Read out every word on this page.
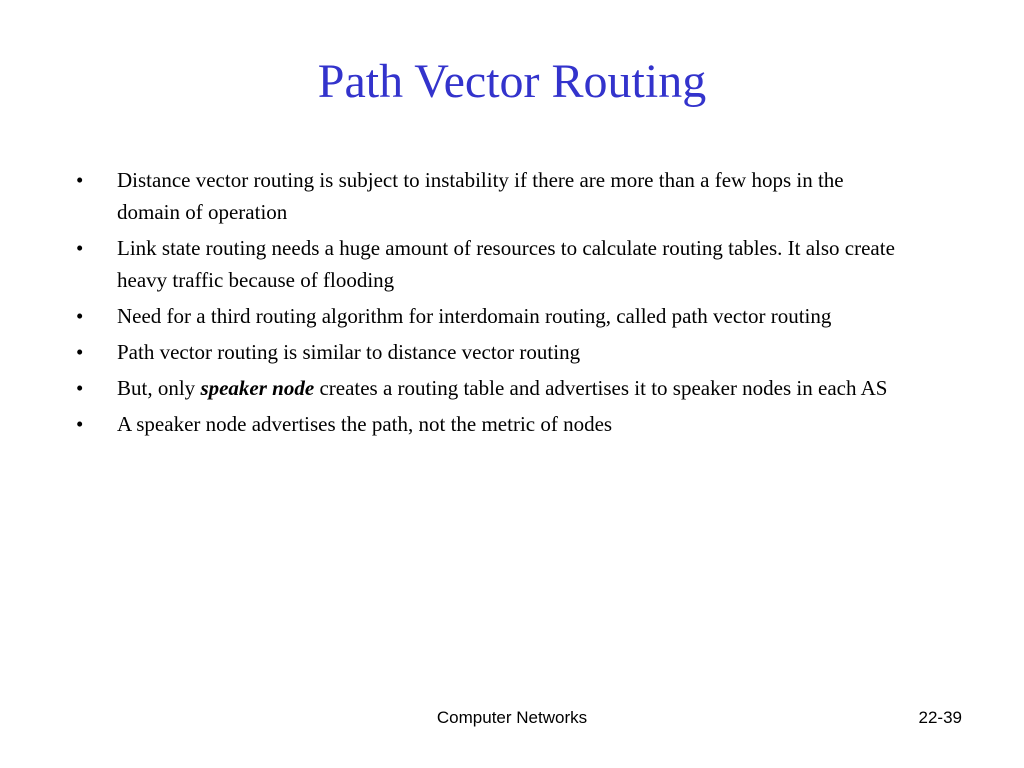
Path Vector Routing
•	Distance vector routing is subject to instability if there are more than a few hops in the domain of operation
•	Link state routing needs a huge amount of resources to calculate routing tables. It also create heavy traffic because of flooding
•	Need for a third routing algorithm for interdomain routing, called path vector routing
•	Path vector routing is similar to distance vector routing
•	But, only speaker node creates a routing table and advertises it to speaker nodes in each AS
•	A speaker node advertises the path, not the metric of nodes
Computer Networks	22-39
